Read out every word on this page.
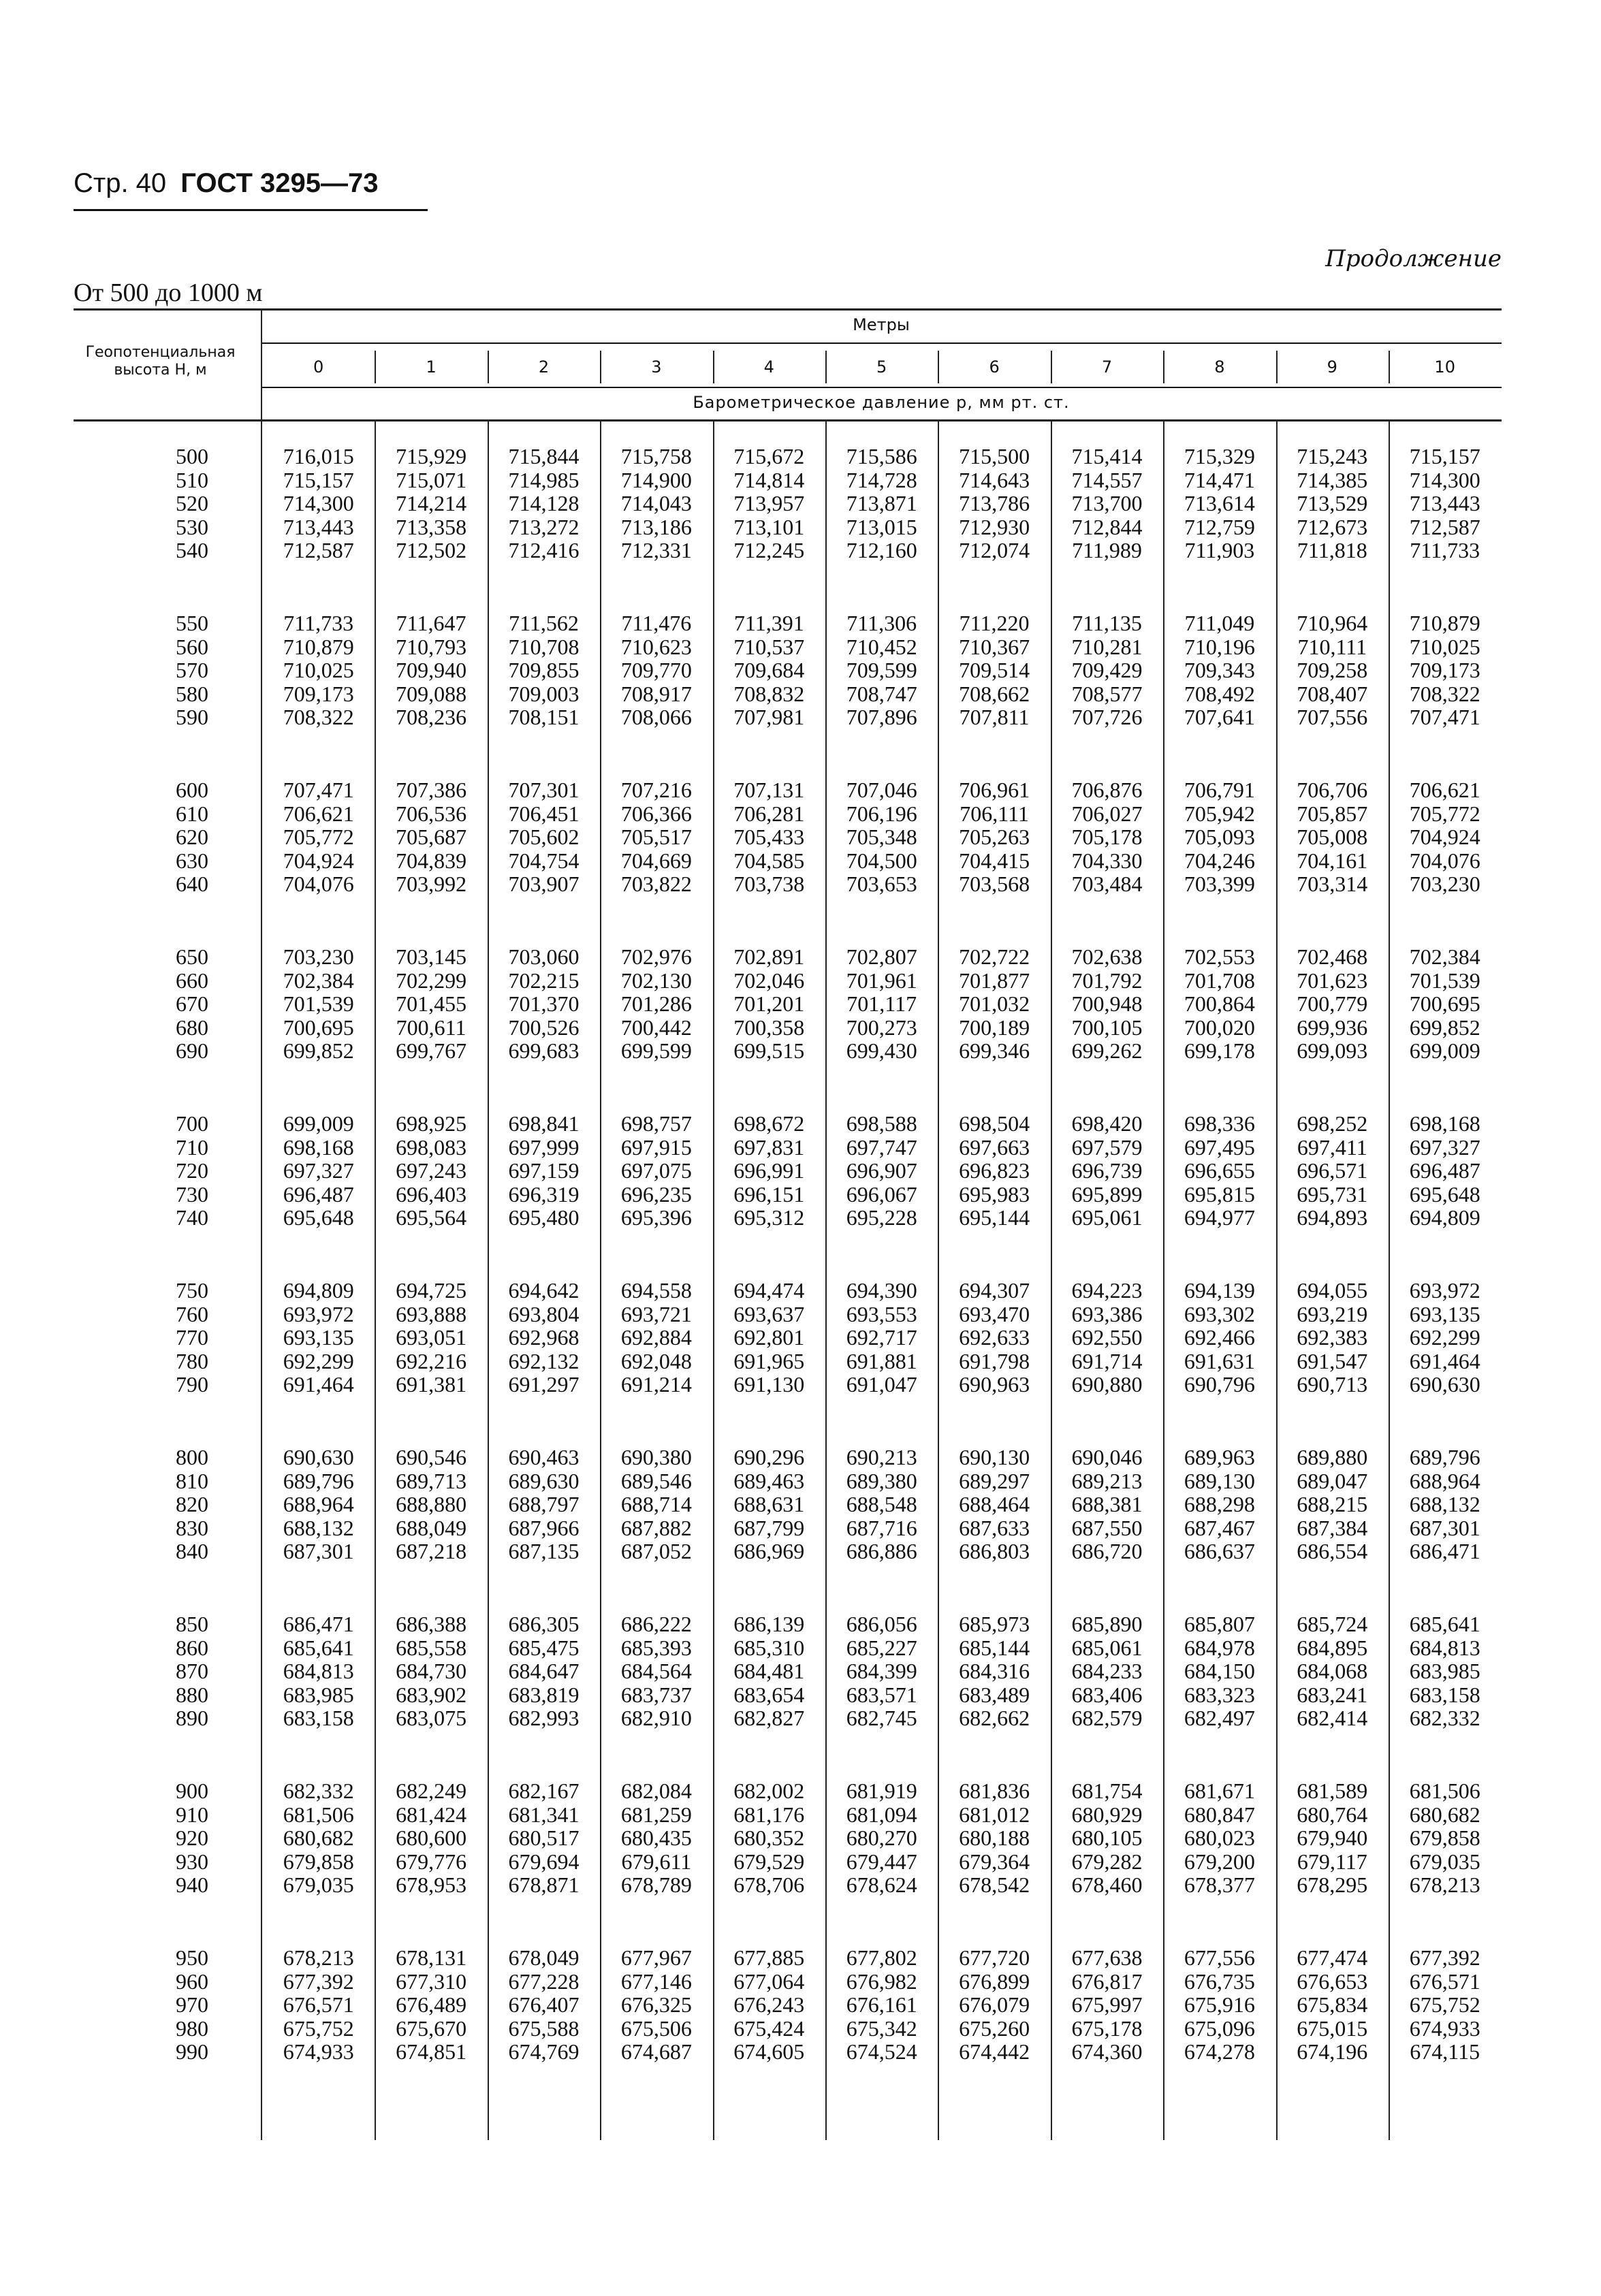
Стр. 40 ГОСТ 3295—73
Продолжение
От 500 до 1000 м
Геопотенциальная высота H, м
Метры
Барометрическое давление p, мм рт. ст.
0	1	2	3	4	5	6	7	8	9	10
500	716,015	715,929	715,844	715,758	715,672	715,586	715,500	715,414	715,329	715,243	715,157
510	715,157	715,071	714,985	714,900	714,814	714,728	714,643	714,557	714,471	714,385	714,300
520	714,300	714,214	714,128	714,043	713,957	713,871	713,786	713,700	713,614	713,529	713,443
530	713,443	713,358	713,272	713,186	713,101	713,015	712,930	712,844	712,759	712,673	712,587
540	712,587	712,502	712,416	712,331	712,245	712,160	712,074	711,989	711,903	711,818	711,733
550	711,733	711,647	711,562	711,476	711,391	711,306	711,220	711,135	711,049	710,964	710,879
560	710,879	710,793	710,708	710,623	710,537	710,452	710,367	710,281	710,196	710,111	710,025
570	710,025	709,940	709,855	709,770	709,684	709,599	709,514	709,429	709,343	709,258	709,173
580	709,173	709,088	709,003	708,917	708,832	708,747	708,662	708,577	708,492	708,407	708,322
590	708,322	708,236	708,151	708,066	707,981	707,896	707,811	707,726	707,641	707,556	707,471
600	707,471	707,386	707,301	707,216	707,131	707,046	706,961	706,876	706,791	706,706	706,621
610	706,621	706,536	706,451	706,366	706,281	706,196	706,111	706,027	705,942	705,857	705,772
620	705,772	705,687	705,602	705,517	705,433	705,348	705,263	705,178	705,093	705,008	704,924
630	704,924	704,839	704,754	704,669	704,585	704,500	704,415	704,330	704,246	704,161	704,076
640	704,076	703,992	703,907	703,822	703,738	703,653	703,568	703,484	703,399	703,314	703,230
650	703,230	703,145	703,060	702,976	702,891	702,807	702,722	702,638	702,553	702,468	702,384
660	702,384	702,299	702,215	702,130	702,046	701,961	701,877	701,792	701,708	701,623	701,539
670	701,539	701,455	701,370	701,286	701,201	701,117	701,032	700,948	700,864	700,779	700,695
680	700,695	700,611	700,526	700,442	700,358	700,273	700,189	700,105	700,020	699,936	699,852
690	699,852	699,767	699,683	699,599	699,515	699,430	699,346	699,262	699,178	699,093	699,009
700	699,009	698,925	698,841	698,757	698,672	698,588	698,504	698,420	698,336	698,252	698,168
710	698,168	698,083	697,999	697,915	697,831	697,747	697,663	697,579	697,495	697,411	697,327
720	697,327	697,243	697,159	697,075	696,991	696,907	696,823	696,739	696,655	696,571	696,487
730	696,487	696,403	696,319	696,235	696,151	696,067	695,983	695,899	695,815	695,731	695,648
740	695,648	695,564	695,480	695,396	695,312	695,228	695,144	695,061	694,977	694,893	694,809
750	694,809	694,725	694,642	694,558	694,474	694,390	694,307	694,223	694,139	694,055	693,972
760	693,972	693,888	693,804	693,721	693,637	693,553	693,470	693,386	693,302	693,219	693,135
770	693,135	693,051	692,968	692,884	692,801	692,717	692,633	692,550	692,466	692,383	692,299
780	692,299	692,216	692,132	692,048	691,965	691,881	691,798	691,714	691,631	691,547	691,464
790	691,464	691,381	691,297	691,214	691,130	691,047	690,963	690,880	690,796	690,713	690,630
800	690,630	690,546	690,463	690,380	690,296	690,213	690,130	690,046	689,963	689,880	689,796
810	689,796	689,713	689,630	689,546	689,463	689,380	689,297	689,213	689,130	689,047	688,964
820	688,964	688,880	688,797	688,714	688,631	688,548	688,464	688,381	688,298	688,215	688,132
830	688,132	688,049	687,966	687,882	687,799	687,716	687,633	687,550	687,467	687,384	687,301
840	687,301	687,218	687,135	687,052	686,969	686,886	686,803	686,720	686,637	686,554	686,471
850	686,471	686,388	686,305	686,222	686,139	686,056	685,973	685,890	685,807	685,724	685,641
860	685,641	685,558	685,475	685,393	685,310	685,227	685,144	685,061	684,978	684,895	684,813
870	684,813	684,730	684,647	684,564	684,481	684,399	684,316	684,233	684,150	684,068	683,985
880	683,985	683,902	683,819	683,737	683,654	683,571	683,489	683,406	683,323	683,241	683,158
890	683,158	683,075	682,993	682,910	682,827	682,745	682,662	682,579	682,497	682,414	682,332
900	682,332	682,249	682,167	682,084	682,002	681,919	681,836	681,754	681,671	681,589	681,506
910	681,506	681,424	681,341	681,259	681,176	681,094	681,012	680,929	680,847	680,764	680,682
920	680,682	680,600	680,517	680,435	680,352	680,270	680,188	680,105	680,023	679,940	679,858
930	679,858	679,776	679,694	679,611	679,529	679,447	679,364	679,282	679,200	679,117	679,035
940	679,035	678,953	678,871	678,789	678,706	678,624	678,542	678,460	678,377	678,295	678,213
950	678,213	678,131	678,049	677,967	677,885	677,802	677,720	677,638	677,556	677,474	677,392
960	677,392	677,310	677,228	677,146	677,064	676,982	676,899	676,817	676,735	676,653	676,571
970	676,571	676,489	676,407	676,325	676,243	676,161	676,079	675,997	675,916	675,834	675,752
980	675,752	675,670	675,588	675,506	675,424	675,342	675,260	675,178	675,096	675,015	674,933
990	674,933	674,851	674,769	674,687	674,605	674,524	674,442	674,360	674,278	674,196	674,115
